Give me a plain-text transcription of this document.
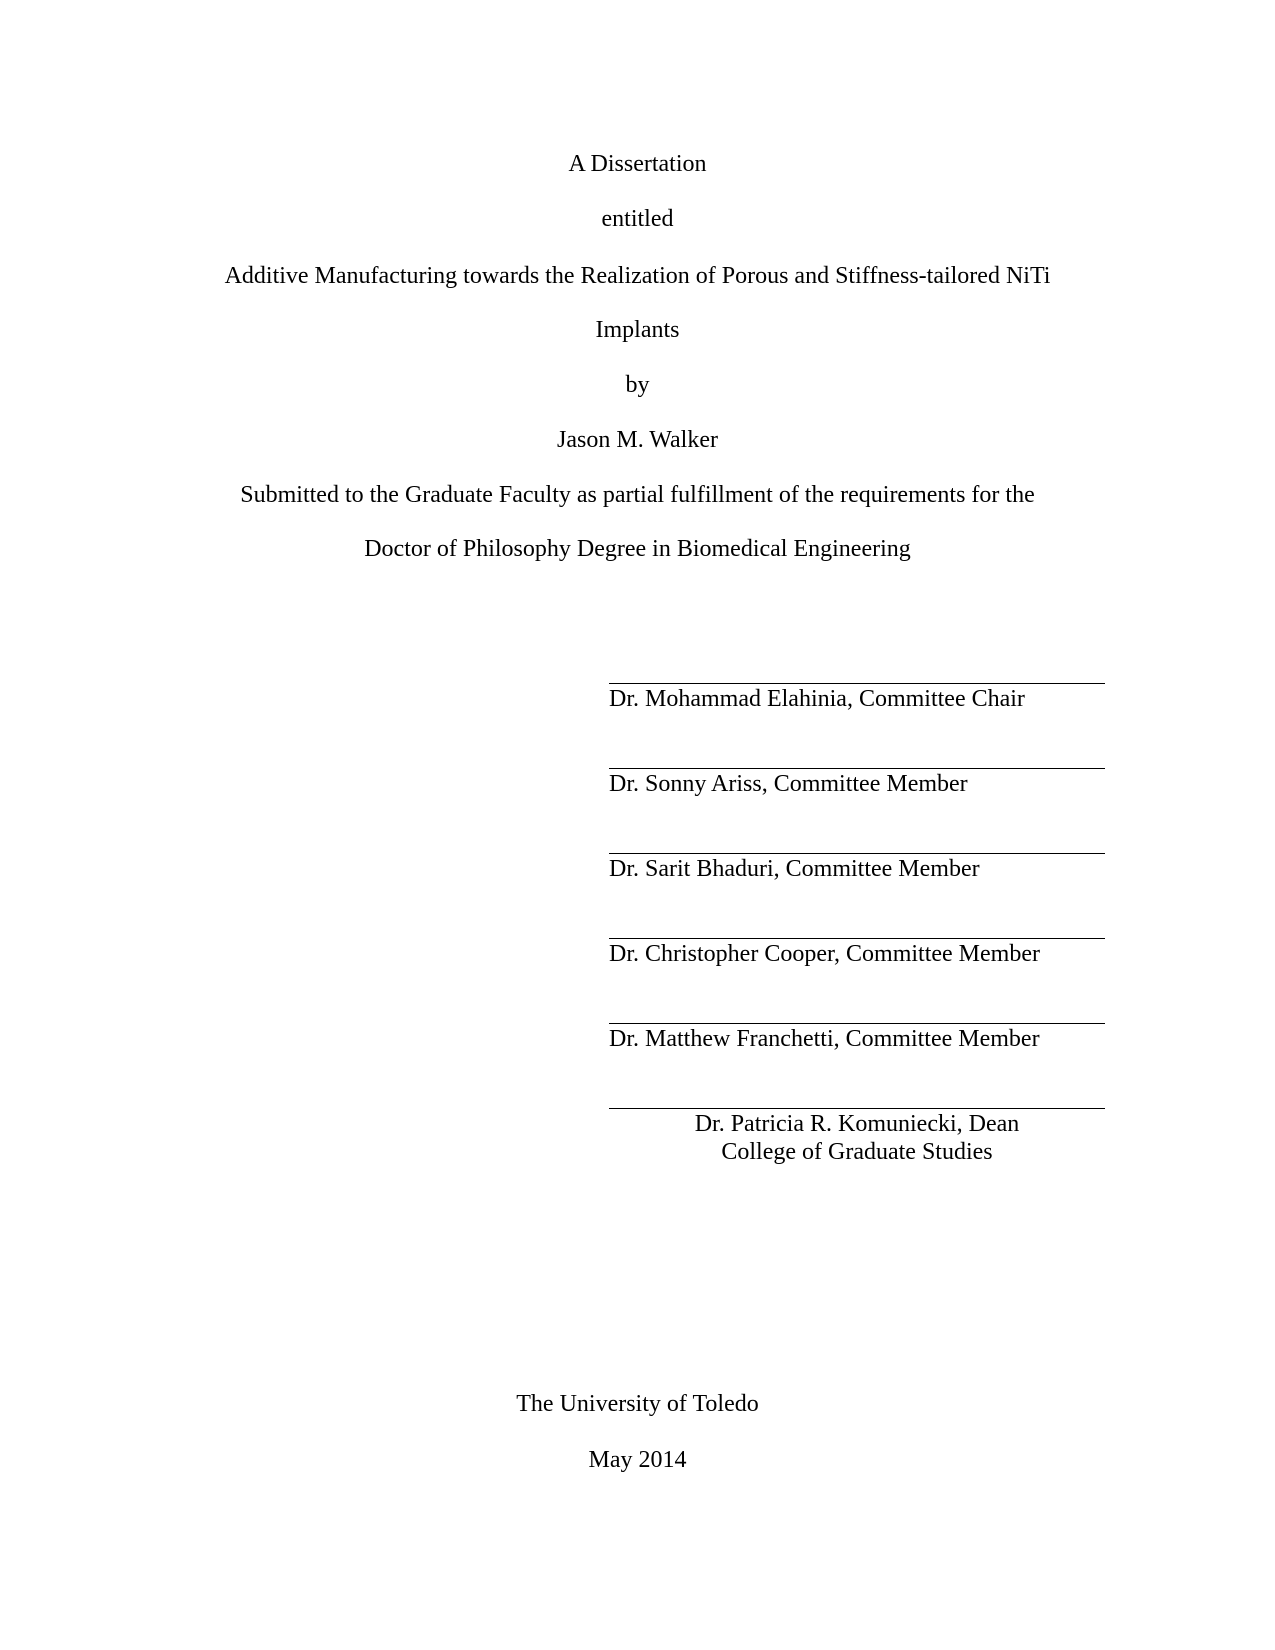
A Dissertation
entitled
Additive Manufacturing towards the Realization of Porous and Stiffness-tailored NiTi
Implants
by
Jason M. Walker
Submitted to the Graduate Faculty as partial fulfillment of the requirements for the
Doctor of Philosophy Degree in Biomedical Engineering
Dr. Mohammad Elahinia, Committee Chair
Dr. Sonny Ariss, Committee Member
Dr. Sarit Bhaduri, Committee Member
Dr. Christopher Cooper, Committee Member
Dr. Matthew Franchetti, Committee Member
Dr. Patricia R. Komuniecki, Dean
College of Graduate Studies
The University of Toledo
May 2014
